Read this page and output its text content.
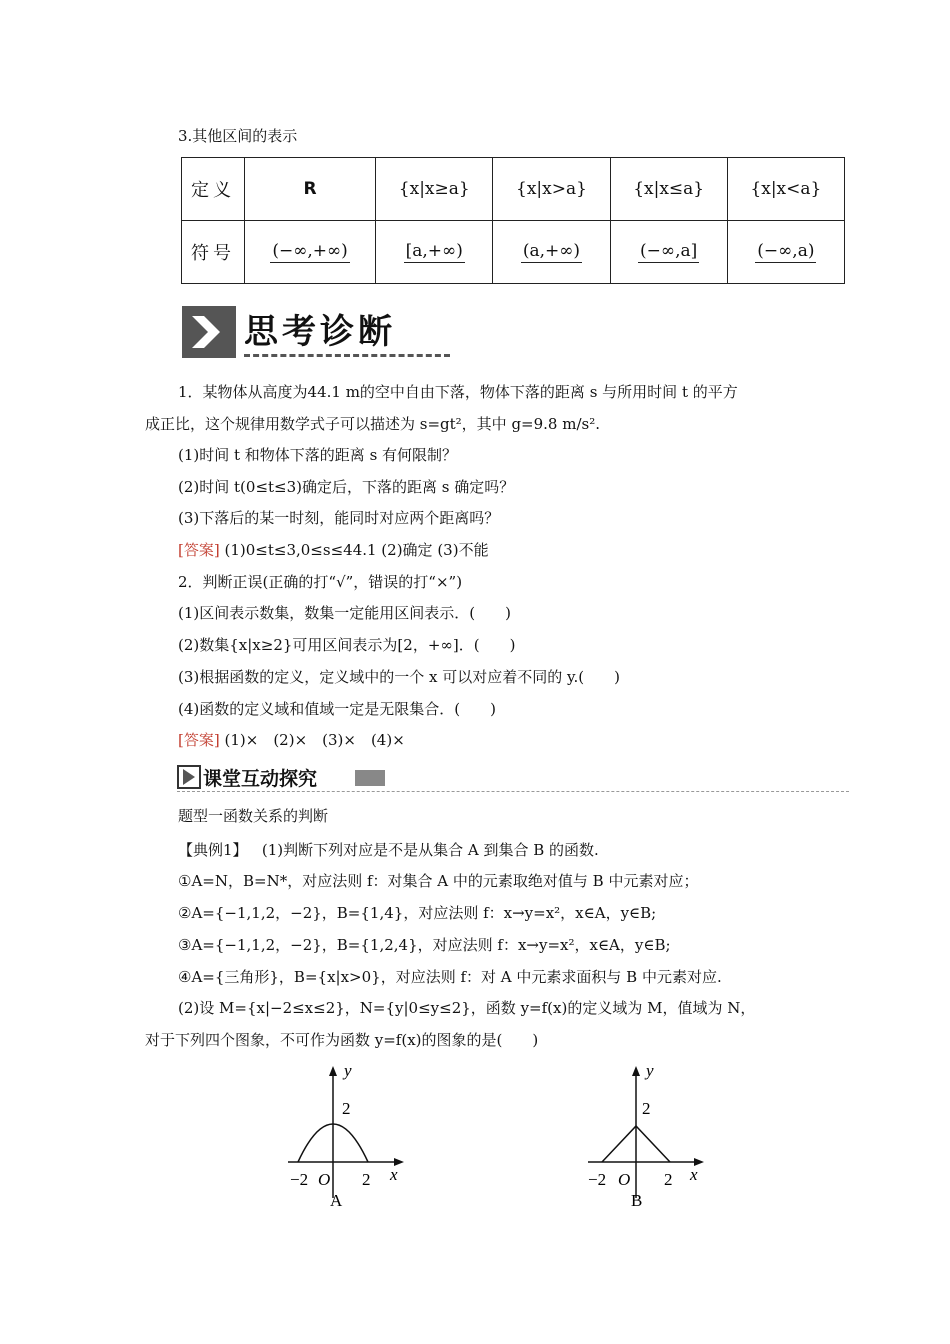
3.其他区间的表示
定义	R	{x|x≥a}	{x|x>a}	{x|x≤a}	{x|x<a}
符号	(−∞,+∞)	[a,+∞)	(a,+∞)	(−∞,a]	(−∞,a)
思考诊断
1．某物体从高度为44.1 m的空中自由下落，物体下落的距离 s 与所用时间 t 的平方
成正比，这个规律用数学式子可以描述为 s=gt²，其中 g=9.8 m/s².
(1)时间 t 和物体下落的距离 s 有何限制？
(2)时间 t(0≤t≤3)确定后，下落的距离 s 确定吗？
(3)下落后的某一时刻，能同时对应两个距离吗？
[答案] (1)0≤t≤3,0≤s≤44.1 (2)确定 (3)不能
2．判断正误(正确的打“√”，错误的打“×”)
(1)区间表示数集，数集一定能用区间表示．(　　)
(2)数集{x|x≥2}可用区间表示为[2，+∞]．(　　)
(3)根据函数的定义，定义域中的一个 x 可以对应着不同的 y.(　　)
(4)函数的定义域和值域一定是无限集合．(　　)
[答案] (1)×　(2)×　(3)×　(4)×
课堂互动探究
题型一函数关系的判断
【典例1】 (1)判断下列对应是不是从集合 A 到集合 B 的函数.
①A=N，B=N*，对应法则 f：对集合 A 中的元素取绝对值与 B 中元素对应；
②A={−1,1,2，−2}，B={1,4}，对应法则 f：x→y=x²，x∈A，y∈B;
③A={−1,1,2，−2}，B={1,2,4}，对应法则 f：x→y=x²，x∈A，y∈B;
④A={三角形}，B={x|x>0}，对应法则 f：对 A 中元素求面积与 B 中元素对应.
(2)设 M={x|−2≤x≤2}，N={y|0≤y≤2}，函数 y=f(x)的定义域为 M，值域为 N，
对于下列四个图象，不可作为函数 y=f(x)的图象的是(　　)
y
2
−2 O 2 x
A
y
2
−2 O 2 x
B
